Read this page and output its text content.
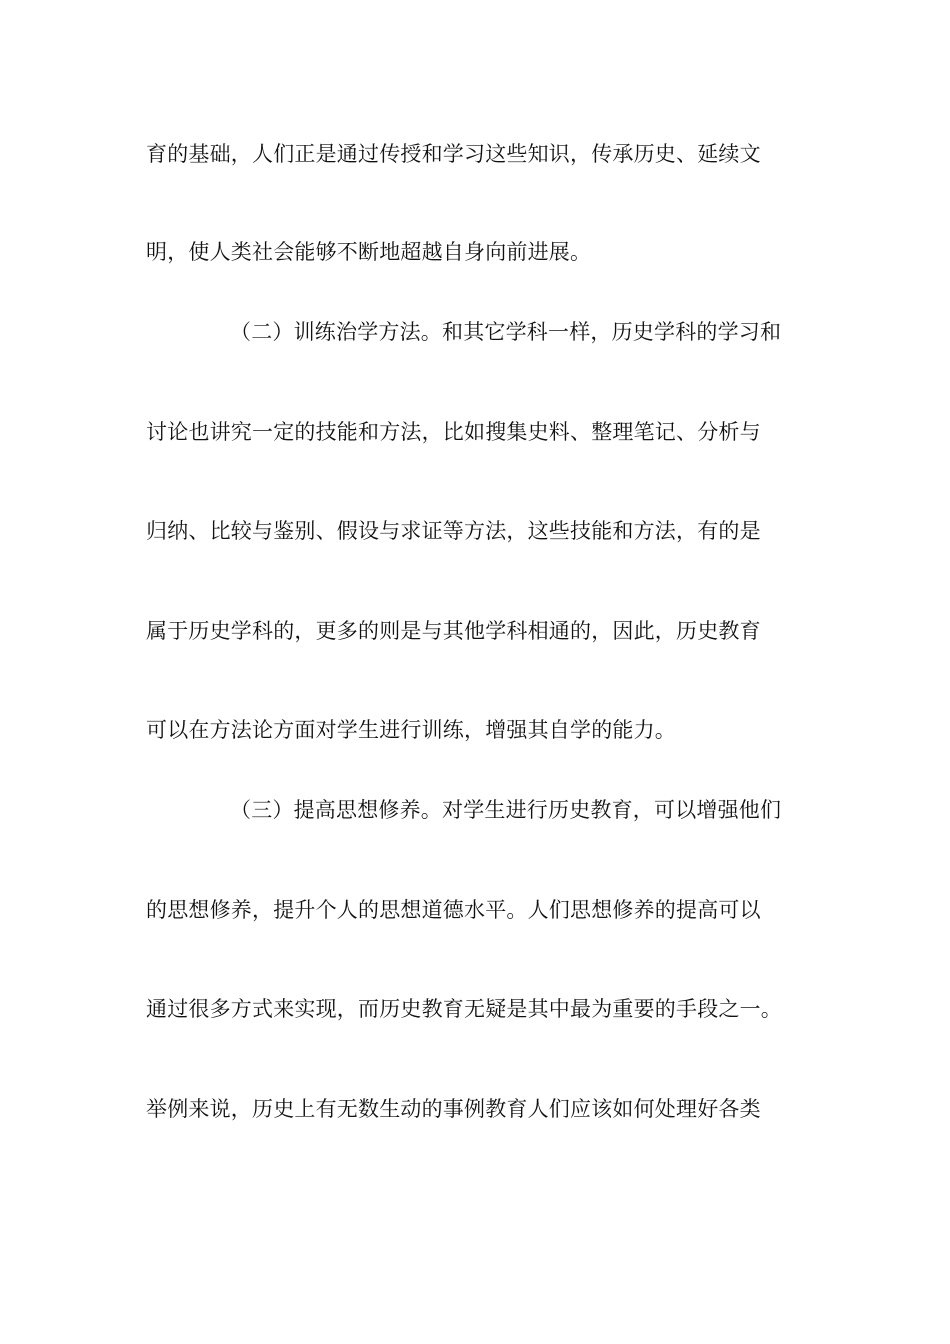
育的基础，人们正是通过传授和学习这些知识，传承历史、延续文
明，使人类社会能够不断地超越自身向前进展。
（二）训练治学方法。和其它学科一样，历史学科的学习和
讨论也讲究一定的技能和方法，比如搜集史料、整理笔记、分析与
归纳、比较与鉴别、假设与求证等方法，这些技能和方法，有的是
属于历史学科的，更多的则是与其他学科相通的，因此，历史教育
可以在方法论方面对学生进行训练，增强其自学的能力。
（三）提高思想修养。对学生进行历史教育，可以增强他们
的思想修养，提升个人的思想道德水平。人们思想修养的提高可以
通过很多方式来实现，而历史教育无疑是其中最为重要的手段之一。
举例来说，历史上有无数生动的事例教育人们应该如何处理好各类
